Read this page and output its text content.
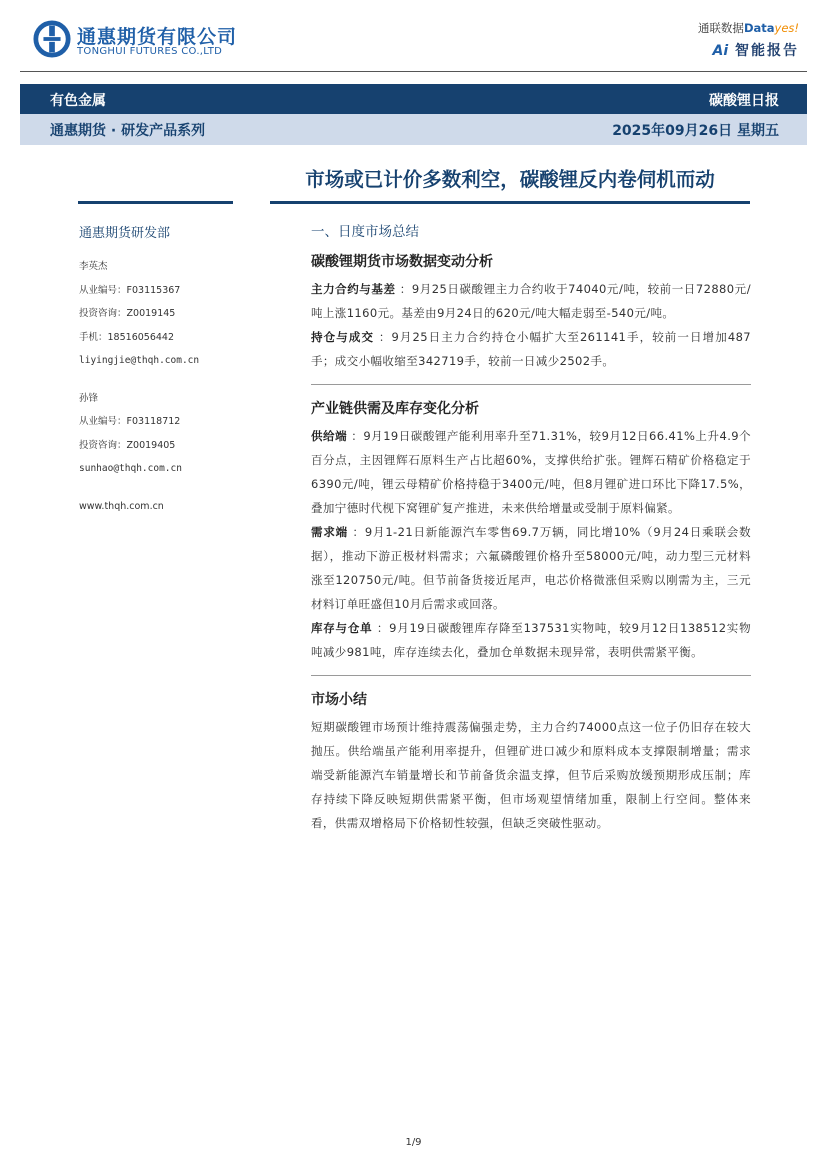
通惠期货有限公司
TONGHUI FUTURES CO.,LTD
通联数据Datayes!
Ai 智能报告
有色金属	碳酸锂日报
通惠期货 · 研发产品系列	2025年09月26日 星期五
市场或已计价多数利空，碳酸锂反内卷伺机而动
通惠期货研发部
李英杰
从业编号：F03115367
投资咨询：Z0019145
手机：18516056442
liyingjie@thqh.com.cn
孙锋
从业编号：F03118712
投资咨询：Z0019405
sunhao@thqh.com.cn
www.thqh.com.cn
一、日度市场总结
碳酸锂期货市场数据变动分析

主力合约与基差 ：9月25日碳酸锂主力合约收于74040元/吨，较前一日72880元/吨上涨1160元。基差由9月24日的620元/吨大幅走弱至-540元/吨。

持仓与成交 ：9月25日主力合约持仓小幅扩大至261141手，较前一日增加487手；成交小幅收缩至342719手，较前一日减少2502手。

产业链供需及库存变化分析

供给端 ：9月19日碳酸锂产能利用率升至71.31%，较9月12日66.41%上升4.9个百分点，主因锂辉石原料生产占比超60%，支撑供给扩张。锂辉石精矿价格稳定于6390元/吨，锂云母精矿价格持稳于3400元/吨，但8月锂矿进口环比下降17.5%，叠加宁德时代枧下窝锂矿复产推进，未来供给增量或受制于原料偏紧。

需求端 ：9月1-21日新能源汽车零售69.7万辆，同比增10%（9月24日乘联会数据），推动下游正极材料需求；六氟磷酸锂价格升至58000元/吨，动力型三元材料涨至120750元/吨。但节前备货接近尾声，电芯价格微涨但采购以刚需为主，三元材料订单旺盛但10月后需求或回落。

库存与仓单 ：9月19日碳酸锂库存降至137531实物吨，较9月12日138512实物吨减少981吨，库存连续去化，叠加仓单数据未现异常，表明供需紧平衡。

市场小结

短期碳酸锂市场预计维持震荡偏强走势，主力合约74000点这一位子仍旧存在较大抛压。供给端虽产能利用率提升，但锂矿进口减少和原料成本支撑限制增量；需求端受新能源汽车销量增长和节前备货余温支撑，但节后采购放缓预期形成压制；库存持续下降反映短期供需紧平衡，但市场观望情绪加重，限制上行空间。整体来看，供需双增格局下价格韧性较强，但缺乏突破性驱动。

1/9
